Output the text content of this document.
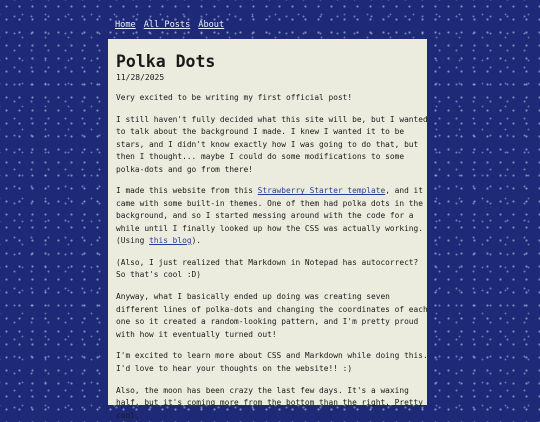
Home All Posts About
Polka Dots
11/28/2025

Very excited to be writing my first official post!

I still haven't fully decided what this site will be, but I wanted
to talk about the background I made. I knew I wanted it to be
stars, and I didn't know exactly how I was going to do that, but
then I thought... maybe I could do some modifications to some
polka-dots and go from there!

I made this website from this Strawberry Starter template, and it
came with some built-in themes. One of them had polka dots in the
background, and so I started messing around with the code for a
while until I finally looked up how the CSS was actually working.
(Using this blog).

(Also, I just realized that Markdown in Notepad has autocorrect?
So that's cool :D)

Anyway, what I basically ended up doing was creating seven
different lines of polka-dots and changing the coordinates of each
one so it created a random-looking pattern, and I'm pretty proud
with how it eventually turned out!

I'm excited to learn more about CSS and Markdown while doing this.
I'd love to hear your thoughts on the website!! :)

Also, the moon has been crazy the last few days. It's a waxing
half, but it's coming more from the bottom than the right. Pretty
cool.
